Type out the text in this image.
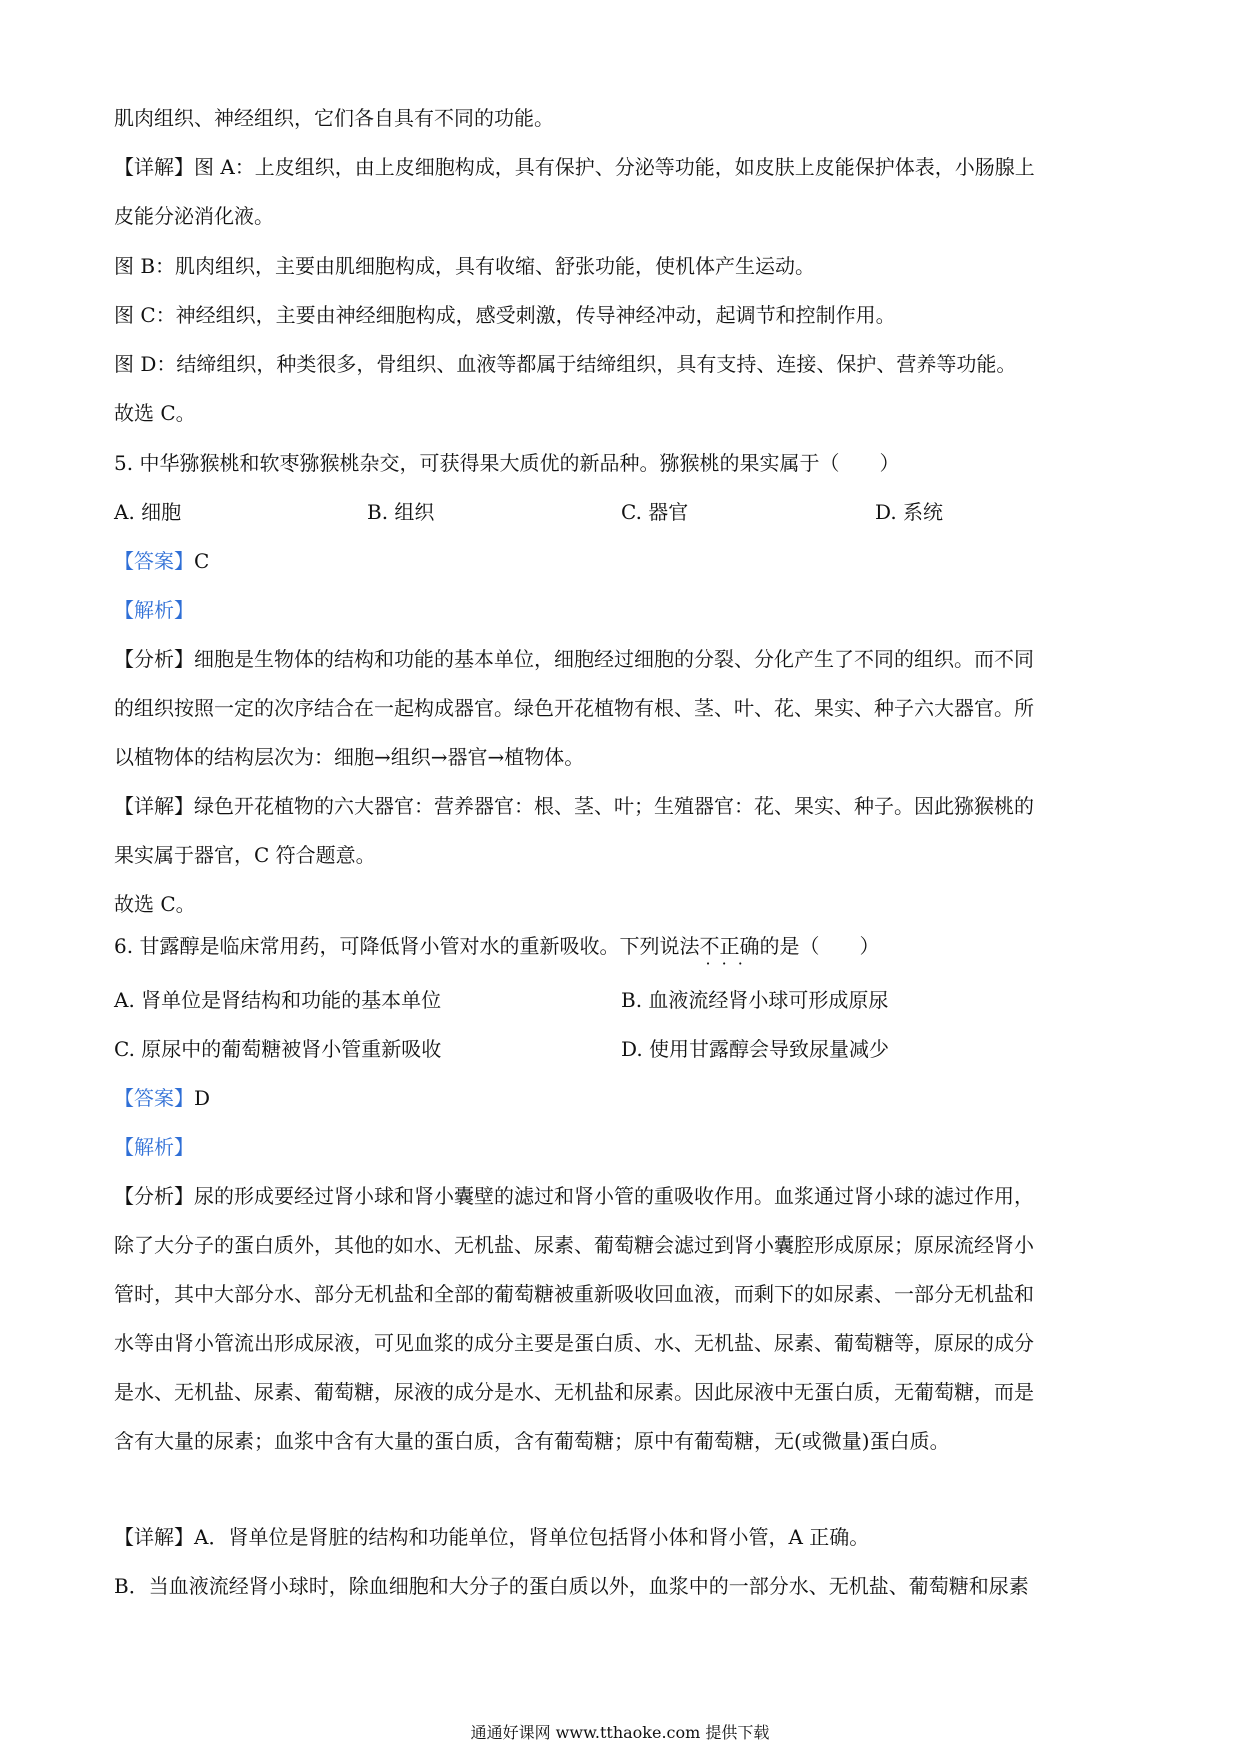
肌肉组织、神经组织，它们各自具有不同的功能。
【详解】图 A：上皮组织，由上皮细胞构成，具有保护、分泌等功能，如皮肤上皮能保护体表，小肠腺上
皮能分泌消化液。
图 B：肌肉组织，主要由肌细胞构成，具有收缩、舒张功能，使机体产生运动。
图 C：神经组织，主要由神经细胞构成，感受刺激，传导神经冲动，起调节和控制作用。
图 D：结缔组织，种类很多，骨组织、血液等都属于结缔组织，具有支持、连接、保护、营养等功能。
故选 C。
5. 中华猕猴桃和软枣猕猴桃杂交，可获得果大质优的新品种。猕猴桃的果实属于（　　）
A. 细胞	B. 组织	C. 器官	D. 系统
【答案】C
【解析】
【分析】细胞是生物体的结构和功能的基本单位，细胞经过细胞的分裂、分化产生了不同的组织。而不同
的组织按照一定的次序结合在一起构成器官。绿色开花植物有根、茎、叶、花、果实、种子六大器官。所
以植物体的结构层次为：细胞→组织→器官→植物体。
【详解】绿色开花植物的六大器官：营养器官：根、茎、叶；生殖器官：花、果实、种子。因此猕猴桃的
果实属于器官，C 符合题意。
故选 C。
6. 甘露醇是临床常用药，可降低肾小管对水的重新吸收。下列说法不正确 · · ·的是（　　）
A. 肾单位是肾结构和功能的基本单位	B. 血液流经肾小球可形成原尿
C. 原尿中的葡萄糖被肾小管重新吸收	D. 使用甘露醇会导致尿量减少
【答案】D
【解析】
【分析】尿的形成要经过肾小球和肾小囊壁的滤过和肾小管的重吸收作用。血浆通过肾小球的滤过作用，
除了大分子的蛋白质外，其他的如水、无机盐、尿素、葡萄糖会滤过到肾小囊腔形成原尿；原尿流经肾小
管时，其中大部分水、部分无机盐和全部的葡萄糖被重新吸收回血液，而剩下的如尿素、一部分无机盐和
水等由肾小管流出形成尿液，可见血浆的成分主要是蛋白质、水、无机盐、尿素、葡萄糖等，原尿的成分
是水、无机盐、尿素、葡萄糖，尿液的成分是水、无机盐和尿素。因此尿液中无蛋白质，无葡萄糖，而是
含有大量的尿素；血浆中含有大量的蛋白质，含有葡萄糖；原中有葡萄糖，无(或微量)蛋白质。
【详解】A．肾单位是肾脏的结构和功能单位，肾单位包括肾小体和肾小管，A 正确。
B．当血液流经肾小球时，除血细胞和大分子的蛋白质以外，血浆中的一部分水、无机盐、葡萄糖和尿素
通通好课网 www.tthaoke.com 提供下载
